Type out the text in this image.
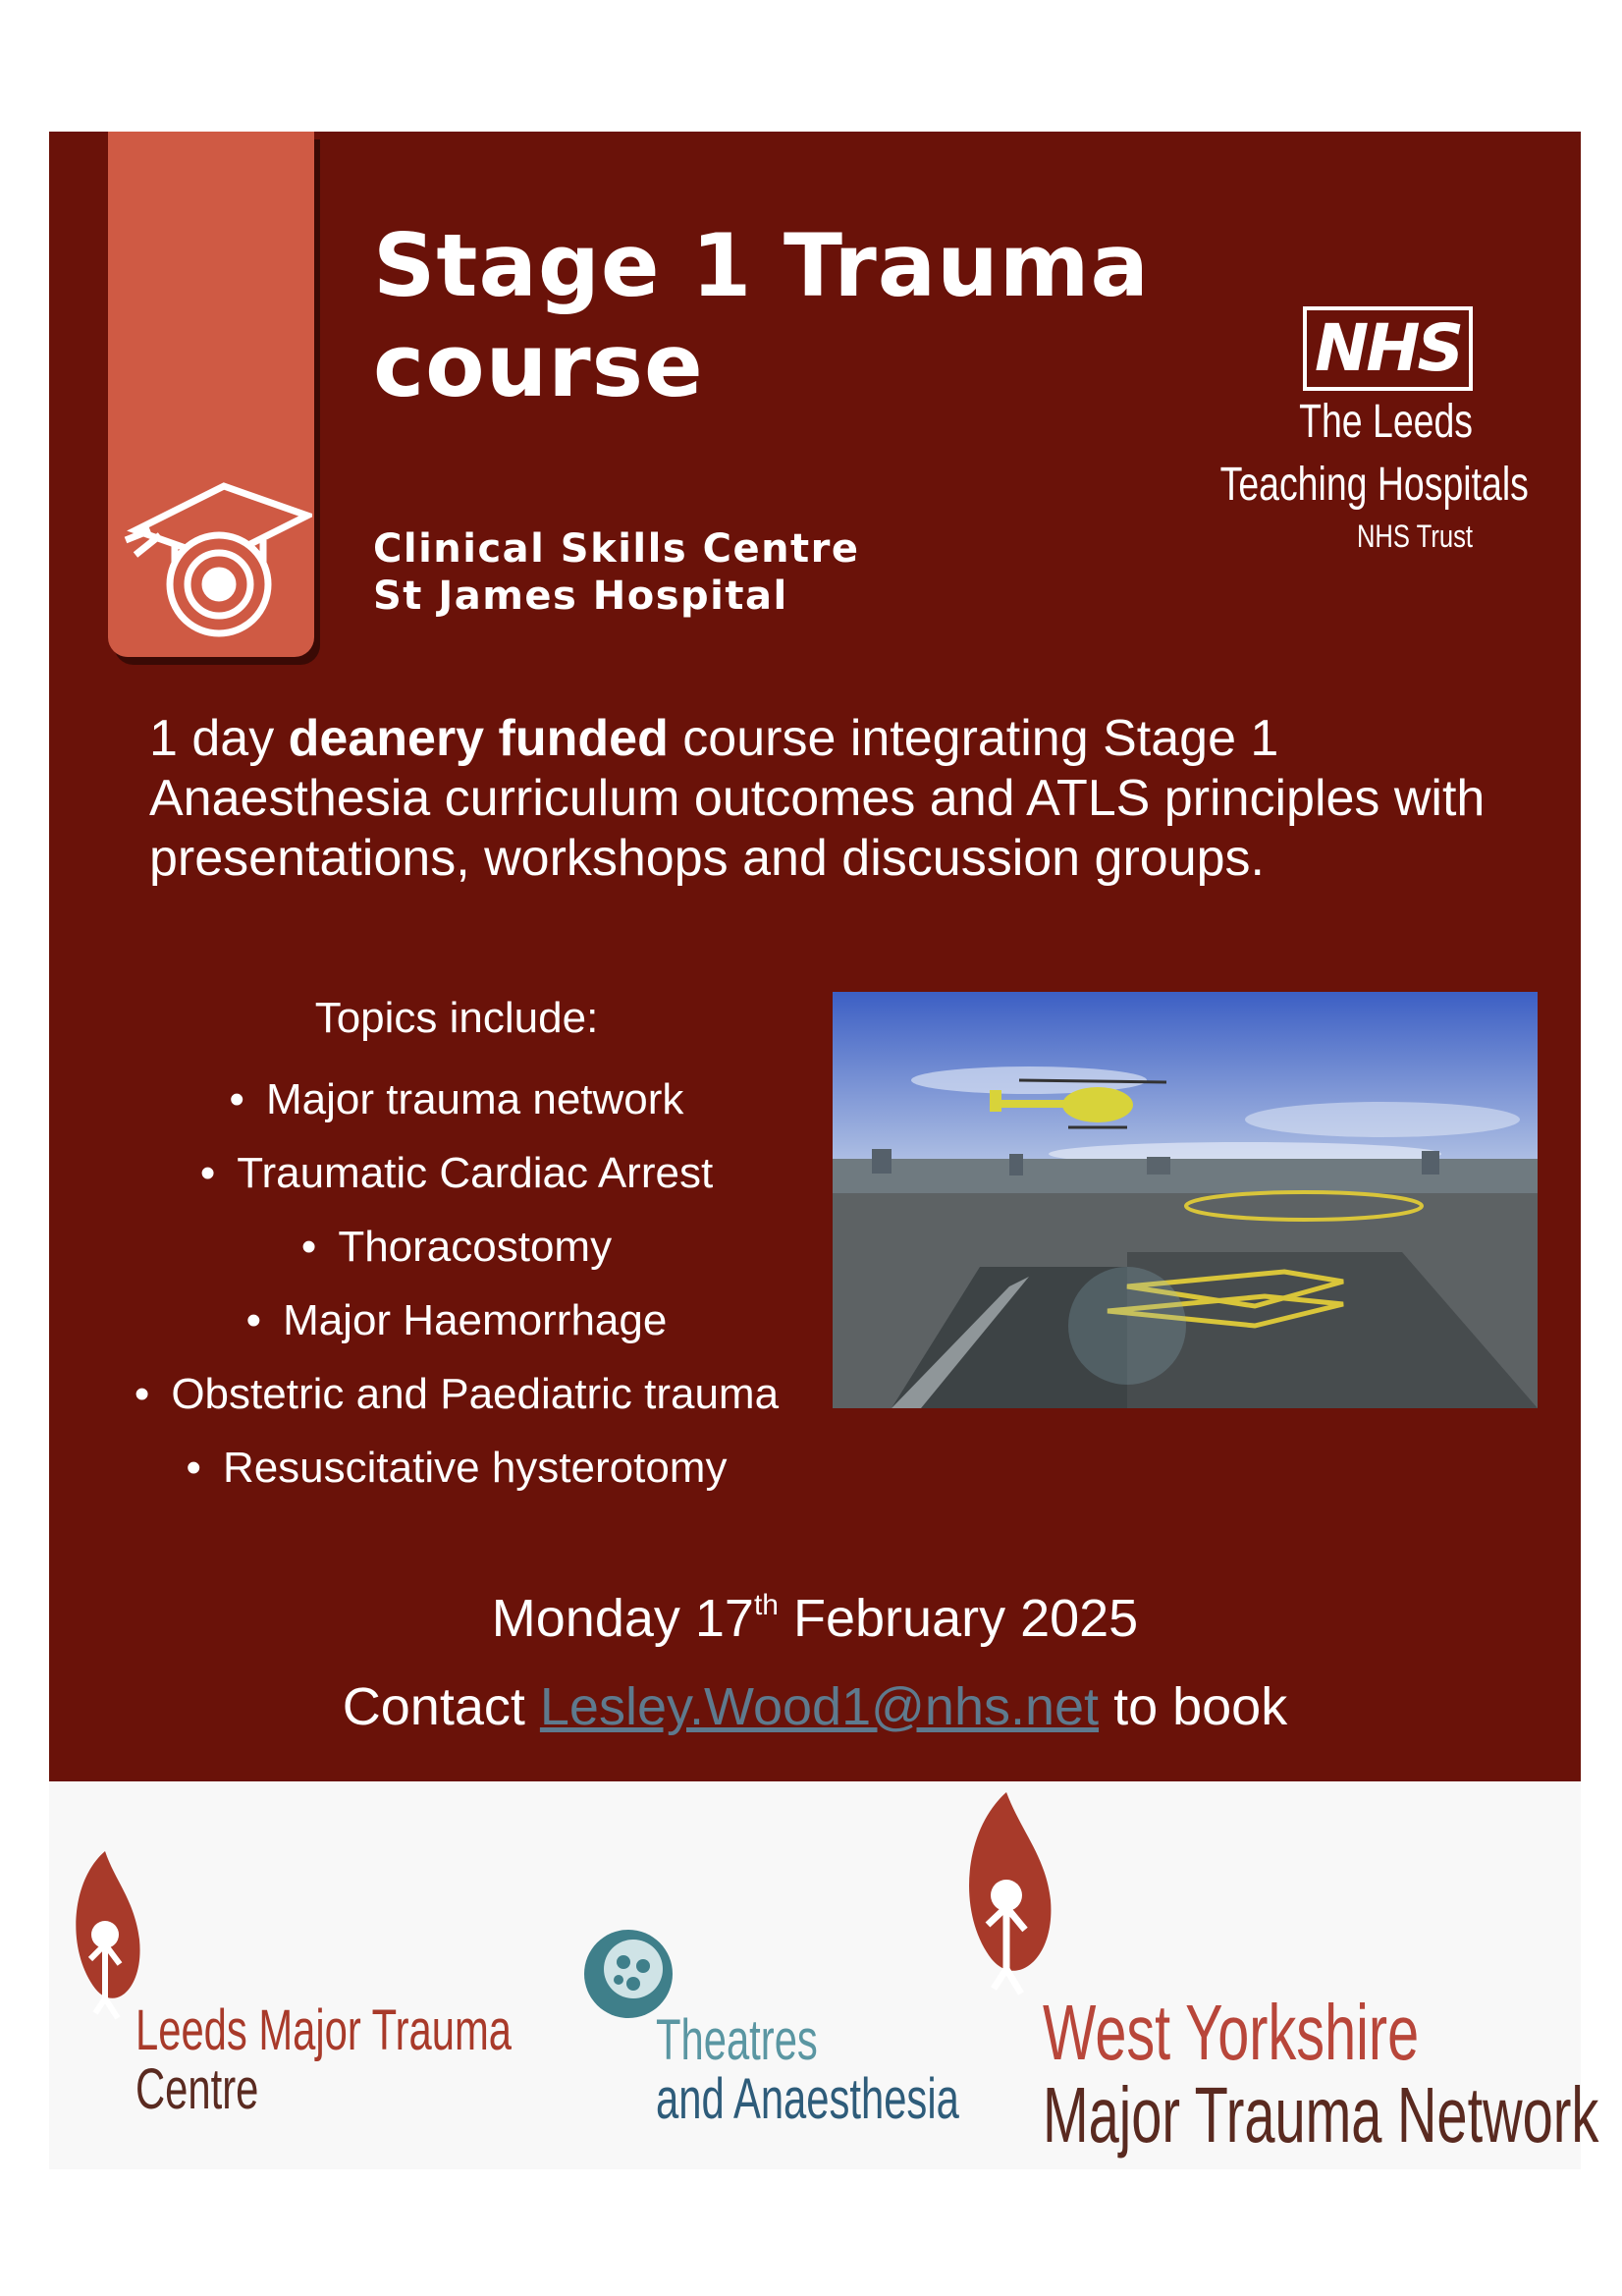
Stage 1 Trauma
course
Clinical Skills Centre
St James Hospital
NHS
The Leeds
Teaching Hospitals
NHS Trust
1 day deanery funded course integrating Stage 1 Anaesthesia curriculum outcomes and ATLS principles with presentations, workshops and discussion groups.
Topics include:
• Major trauma network
• Traumatic Cardiac Arrest
• Thoracostomy
• Major Haemorrhage
• Obstetric and Paediatric trauma
• Resuscitative hysterotomy
Monday 17th February 2025
Contact Lesley.Wood1@nhs.net to book
Leeds Major Trauma
Centre
Theatres
and Anaesthesia
West Yorkshire
Major Trauma Network
